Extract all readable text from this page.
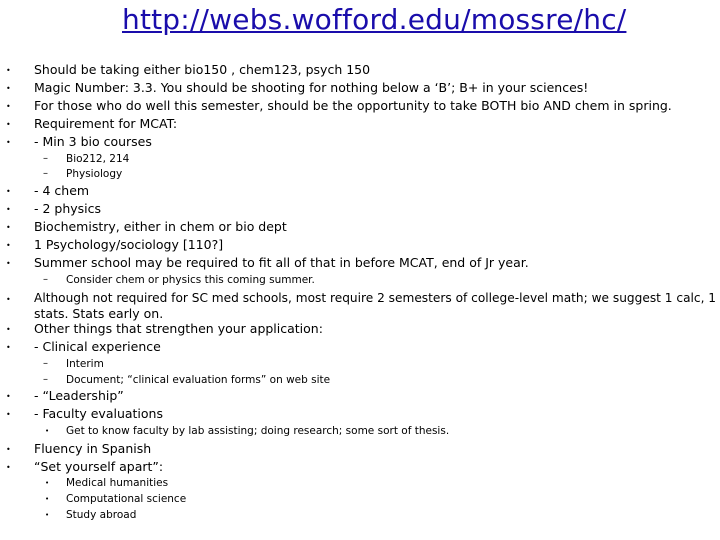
http://webs.wofford.edu/mossre/hc/
• Should be taking either bio150 , chem123, psych 150
• Magic Number: 3.3. You should be shooting for nothing below a ‘B’; B+ in your sciences!
• For those who do well this semester, should be the opportunity to take BOTH bio AND chem in spring.
• Requirement for MCAT:
• - Min 3 bio courses
– Bio212, 214
– Physiology
• - 4 chem
• - 2 physics
• Biochemistry, either in chem or bio dept
• 1 Psychology/sociology [110?]
• Summer school may be required to fit all of that in before MCAT, end of Jr year.
– Consider chem or physics this coming summer.
• Although not required for SC med schools, most require 2 semesters of college-level math; we suggest 1 calc, 1
stats. Stats early on.
• Other things that strengthen your application:
• - Clinical experience
– Interim
– Document; “clinical evaluation forms” on web site
• - “Leadership”
• - Faculty evaluations
• Get to know faculty by lab assisting; doing research; some sort of thesis.
• Fluency in Spanish
• “Set yourself apart”:
• Medical humanities
• Computational science
• Study abroad
